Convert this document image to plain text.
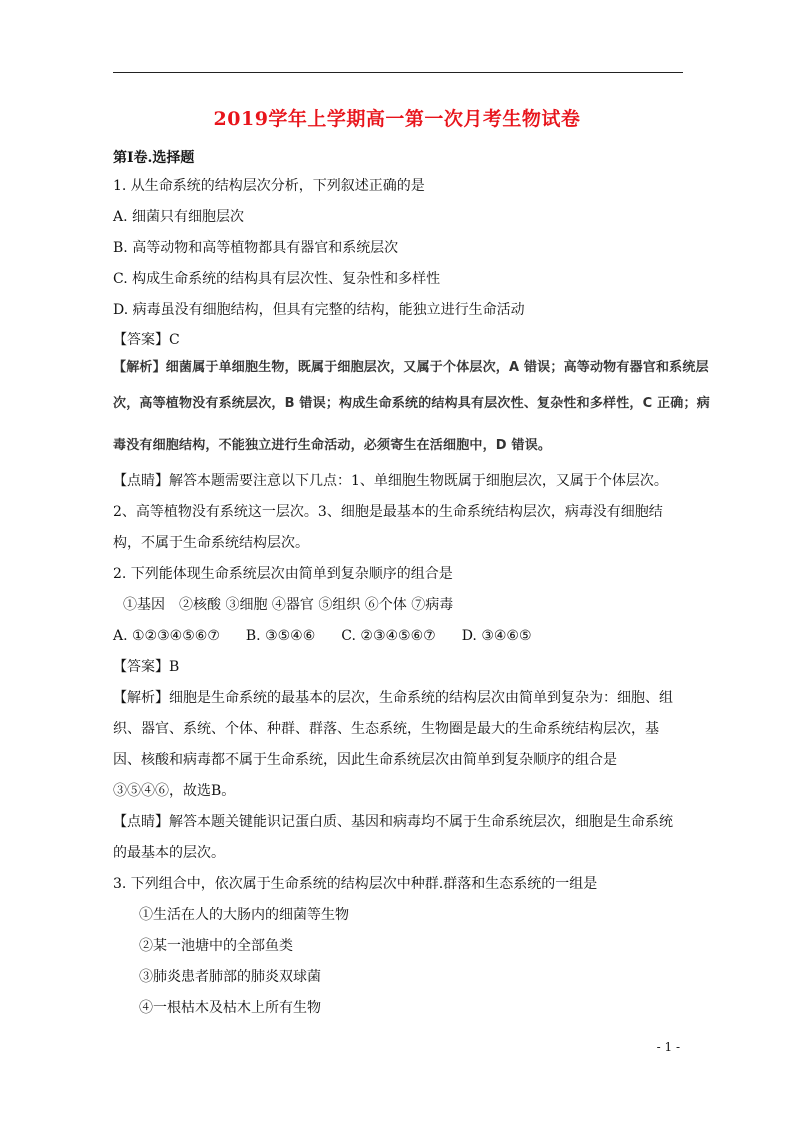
2019学年上学期高一第一次月考生物试卷
第Ⅰ卷.选择题
1. 从生命系统的结构层次分析，下列叙述正确的是
A. 细菌只有细胞层次
B. 高等动物和高等植物都具有器官和系统层次
C. 构成生命系统的结构具有层次性、复杂性和多样性
D. 病毒虽没有细胞结构，但具有完整的结构，能独立进行生命活动
【答案】C
【解析】细菌属于单细胞生物，既属于细胞层次，又属于个体层次，A 错误；高等动物有器官和系统层
次，高等植物没有系统层次，B 错误；构成生命系统的结构具有层次性、复杂性和多样性，C 正确；病
毒没有细胞结构，不能独立进行生命活动，必须寄生在活细胞中，D 错误。
【点睛】解答本题需要注意以下几点：1、单细胞生物既属于细胞层次，又属于个体层次。2、高等植物没有系统这一层次。3、细胞是最基本的生命系统结构层次，病毒没有细胞结构，不属于生命系统结构层次。
2. 下列能体现生命系统层次由简单到复杂顺序的组合是
①基因　②核酸 ③细胞 ④器官 ⑤组织 ⑥个体 ⑦病毒
A. ①②③④⑤⑥⑦ B. ③⑤④⑥ C. ②③④⑤⑥⑦ D. ③④⑥⑤
【答案】B
【解析】细胞是生命系统的最基本的层次，生命系统的结构层次由简单到复杂为：细胞、组织、器官、系统、个体、种群、群落、生态系统，生物圈是最大的生命系统结构层次，基因、核酸和病毒都不属于生命系统，因此生命系统层次由简单到复杂顺序的组合是③⑤④⑥，故选B。
【点睛】解答本题关键能识记蛋白质、基因和病毒均不属于生命系统层次，细胞是生命系统的最基本的层次。
3. 下列组合中，依次属于生命系统的结构层次中种群.群落和生态系统的一组是
①生活在人的大肠内的细菌等生物
②某一池塘中的全部鱼类
③肺炎患者肺部的肺炎双球菌
④一根枯木及枯木上所有生物
- 1 -
